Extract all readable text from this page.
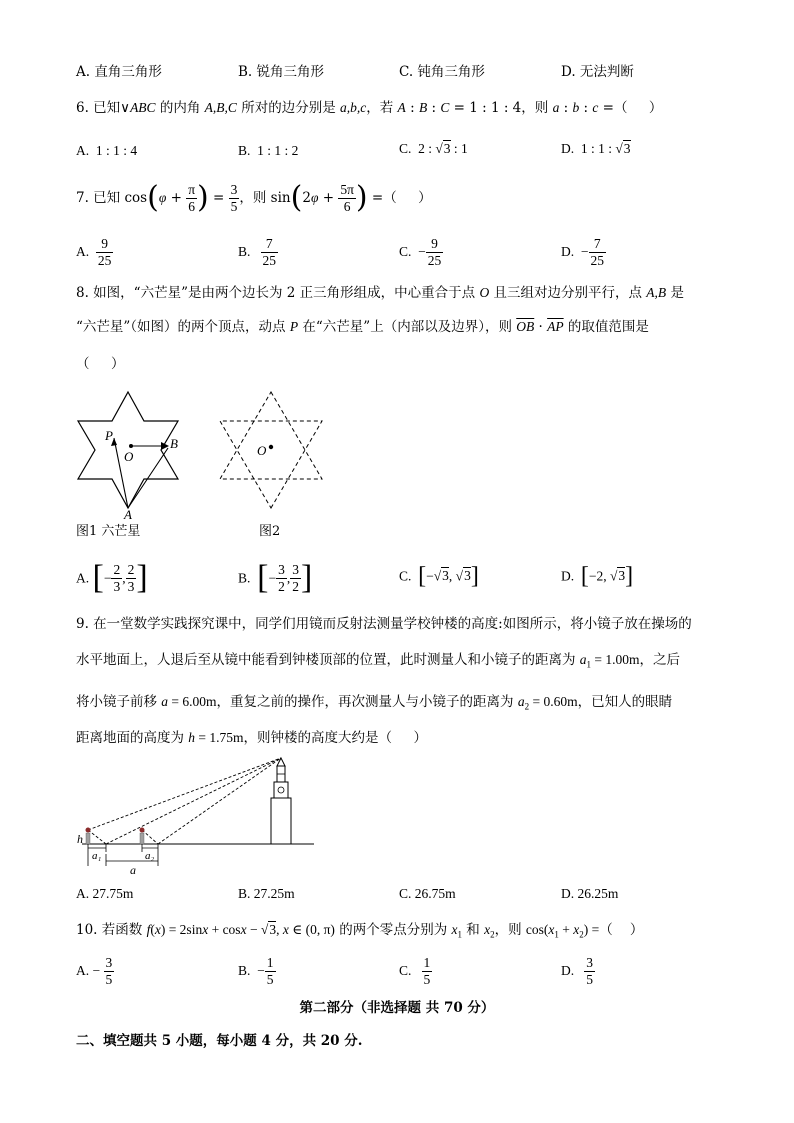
A. 直角三角形	B. 锐角三角形	C. 钝角三角形	D. 无法判断
6. 已知∨ABC 的内角 A,B,C 所对的边分别是 a,b,c，若 A : B : C = 1 : 1 : 4，则 a : b : c =（     ）
A.  1 : 1 : 4	B.  1 : 1 : 2	C.  2 : √3 : 1	D.  1 : 1 : √3
7. 已知 $\cos(\varphi + \frac{\pi}{6}$ ) = $\frac{3}{5}$ ，则 $\sin(2\varphi + \frac{5\pi}{6}$ ) =（     ）
A. $\frac{9}{25}$	B. $\frac{7}{25}$	C.  − $\frac{9}{25}$	D.  − $\frac{7}{25}$
8. 如图，“六芒星”是由两个边长为 2 正三角形组成，中心重合于点 O 且三组对边分别平行，点 A,B 是
“六芒星”（如图）的两个顶点，动点 P 在“六芒星”上（内部以及边界），则 $\overline{OB} \cdot \overline{AP}$ 的取值范围是
（     ）
P
O
B
A
O
图1 六芒星	图2
A. [− $\frac{2}{3}$ , $\frac{2}{3}$ ]	B.  [− $\frac{3}{2}$ , $\frac{3}{2}$ ]	C.  [−√3, √3]	D.  [−2, √3]
9. 在一堂数学实践探究课中，同学们用镜而反射法测量学校钟楼的高度:如图所示，将小镜子放在操场的
水平地面上，人退后至从镜中能看到钟楼顶部的位置，此时测量人和小镜子的距离为 $a_1 = 1.00m$，之后
将小镜子前移 a = 6.00m，重复之前的操作，再次测量人与小镜子的距离为 $a_2 = 0.60m$，已知人的眼睛
距离地面的高度为 h = 1.75m，则钟楼的高度大约是（     ）
h
a₁	a₂
a
A. 27.75m	B. 27.25m	C. 26.75m	D. 26.25m
10. 若函数 f(x) = 2sinx + cosx − √3, x ∈ (0, π) 的两个零点分别为 $x_1$ 和 $x_2$，则 $\cos(x_1 + x_2)$ =（    ）
A. − $\frac{3}{5}$	B.  − $\frac{1}{5}$	C. $\frac{1}{5}$	D. $\frac{3}{5}$
第二部分（非选择题 共 70 分）
二、填空题共 5 小题，每小题 4 分，共 20 分.
